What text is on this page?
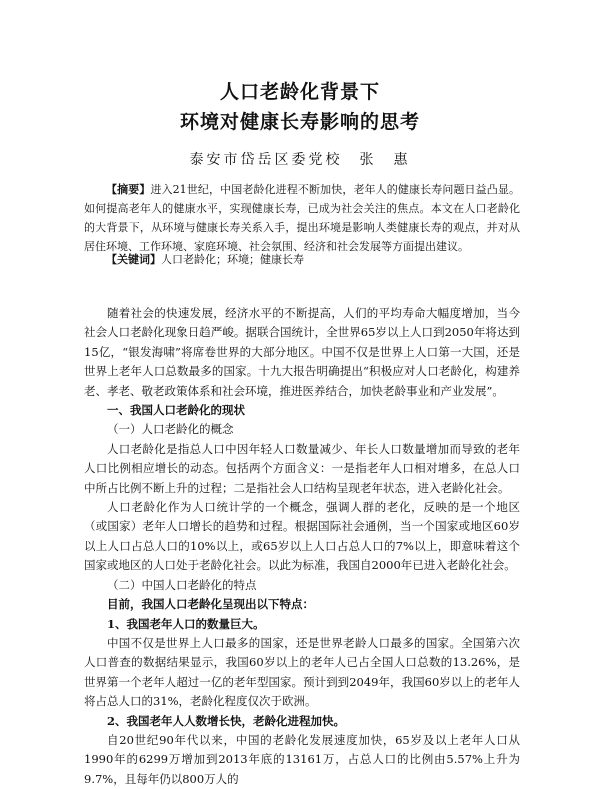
人口老龄化背景下
环境对健康长寿影响的思考
泰安市岱岳区委党校　张　惠
【摘要】进入21世纪，中国老龄化进程不断加快，老年人的健康长寿问题日益凸显。如何提高老年人的健康水平，实现健康长寿，已成为社会关注的焦点。本文在人口老龄化的大背景下，从环境与健康长寿关系入手，提出环境是影响人类健康长寿的观点，并对从居住环境、工作环境、家庭环境、社会氛围、经济和社会发展等方面提出建议。
【关键词】人口老龄化；环境；健康长寿

随着社会的快速发展，经济水平的不断提高，人们的平均寿命大幅度增加，当今社会人口老龄化现象日趋严峻。据联合国统计，全世界65岁以上人口到2050年将达到15亿，“银发海啸”将席卷世界的大部分地区。中国不仅是世界上人口第一大国，还是世界上老年人口总数最多的国家。十九大报告明确提出“积极应对人口老龄化，构建养老、孝老、敬老政策体系和社会环境，推进医养结合，加快老龄事业和产业发展”。

一、我国人口老龄化的现状

（一）人口老龄化的概念

人口老龄化是指总人口中因年轻人口数量减少、年长人口数量增加而导致的老年人口比例相应增长的动态。包括两个方面含义：一是指老年人口相对增多，在总人口中所占比例不断上升的过程；二是指社会人口结构呈现老年状态，进入老龄化社会。

人口老龄化作为人口统计学的一个概念，强调人群的老化，反映的是一个地区（或国家）老年人口增长的趋势和过程。根据国际社会通例，当一个国家或地区60岁以上人口占总人口的10%以上，或65岁以上人口占总人口的7%以上，即意味着这个国家或地区的人口处于老龄化社会。以此为标准，我国自2000年已进入老龄化社会。

（二）中国人口老龄化的特点

目前，我国人口老龄化呈现出以下特点：

1、我国老年人口的数量巨大。

中国不仅是世界上人口最多的国家，还是世界老龄人口最多的国家。全国第六次人口普查的数据结果显示，我国60岁以上的老年人已占全国人口总数的13.26%，是世界第一个老年人超过一亿的老年型国家。预计到到2049年，我国60岁以上的老年人将占总人口的31%，老龄化程度仅次于欧洲。

2、我国老年人人数增长快，老龄化进程加快。

自20世纪90年代以来，中国的老龄化发展速度加快，65岁及以上老年人口从1990年的6299万增加到2013年底的13161万，占总人口的比例由5.57%上升为9.7%，且每年仍以800万人的
